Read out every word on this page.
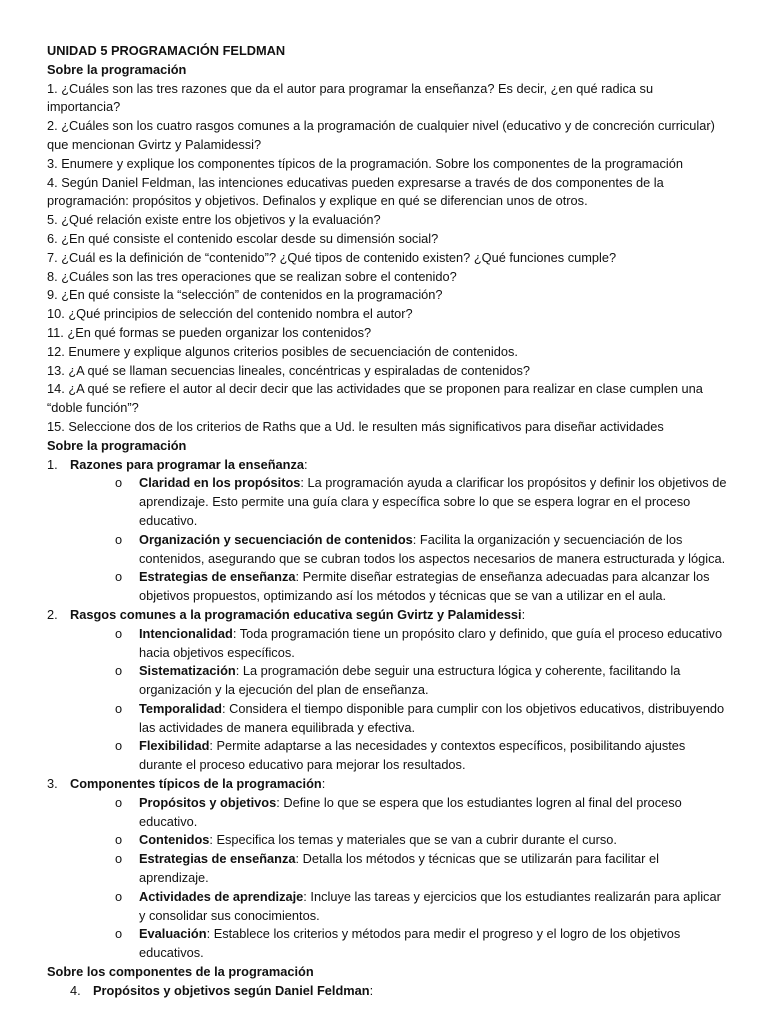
UNIDAD 5 PROGRAMACIÓN FELDMAN
Sobre la programación
1. ¿Cuáles son las tres razones que da el autor para programar la enseñanza? Es decir, ¿en qué radica su importancia?
2. ¿Cuáles son los cuatro rasgos comunes a la programación de cualquier nivel (educativo y de concreción curricular) que mencionan Gvirtz y Palamidessi?
3. Enumere y explique los componentes típicos de la programación. Sobre los componentes de la programación
4. Según Daniel Feldman, las intenciones educativas pueden expresarse a través de dos componentes de la programación: propósitos y objetivos. Definalos y explique en qué se diferencian unos de otros.
5. ¿Qué relación existe entre los objetivos y la evaluación?
6. ¿En qué consiste el contenido escolar desde su dimensión social?
7. ¿Cuál es la definición de “contenido”? ¿Qué tipos de contenido existen? ¿Qué funciones cumple?
8. ¿Cuáles son las tres operaciones que se realizan sobre el contenido?
9. ¿En qué consiste la “selección” de contenidos en la programación?
10. ¿Qué principios de selección del contenido nombra el autor?
11. ¿En qué formas se pueden organizar los contenidos?
12. Enumere y explique algunos criterios posibles de secuenciación de contenidos.
13. ¿A qué se llaman secuencias lineales, concéntricas y espiraladas de contenidos?
14. ¿A qué se refiere el autor al decir decir que las actividades que se proponen para realizar en clase cumplen una “doble función”?
15. Seleccione dos de los criterios de Raths que a Ud. le resulten más significativos para diseñar actividades
Sobre la programación
1. Razones para programar la enseñanza:
o Claridad en los propósitos: La programación ayuda a clarificar los propósitos y definir los objetivos de aprendizaje. Esto permite una guía clara y específica sobre lo que se espera lograr en el proceso educativo.
o Organización y secuenciación de contenidos: Facilita la organización y secuenciación de los contenidos, asegurando que se cubran todos los aspectos necesarios de manera estructurada y lógica.
o Estrategias de enseñanza: Permite diseñar estrategias de enseñanza adecuadas para alcanzar los objetivos propuestos, optimizando así los métodos y técnicas que se van a utilizar en el aula.
2. Rasgos comunes a la programación educativa según Gvirtz y Palamidessi:
o Intencionalidad: Toda programación tiene un propósito claro y definido, que guía el proceso educativo hacia objetivos específicos.
o Sistematización: La programación debe seguir una estructura lógica y coherente, facilitando la organización y la ejecución del plan de enseñanza.
o Temporalidad: Considera el tiempo disponible para cumplir con los objetivos educativos, distribuyendo las actividades de manera equilibrada y efectiva.
o Flexibilidad: Permite adaptarse a las necesidades y contextos específicos, posibilitando ajustes durante el proceso educativo para mejorar los resultados.
3. Componentes típicos de la programación:
o Propósitos y objetivos: Define lo que se espera que los estudiantes logren al final del proceso educativo.
o Contenidos: Especifica los temas y materiales que se van a cubrir durante el curso.
o Estrategias de enseñanza: Detalla los métodos y técnicas que se utilizarán para facilitar el aprendizaje.
o Actividades de aprendizaje: Incluye las tareas y ejercicios que los estudiantes realizarán para aplicar y consolidar sus conocimientos.
o Evaluación: Establece los criterios y métodos para medir el progreso y el logro de los objetivos educativos.
Sobre los componentes de la programación
4. Propósitos y objetivos según Daniel Feldman:
